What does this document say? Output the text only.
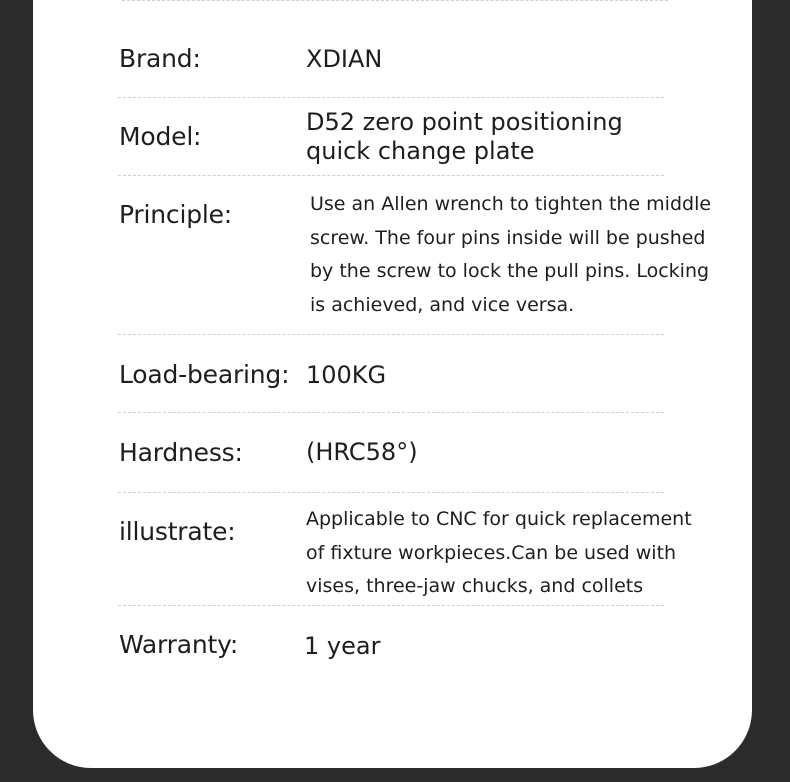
Brand:	XDIAN
Model:	D52 zero point positioning
quick change plate
Principle:	Use an Allen wrench to tighten the middle
screw. The four pins inside will be pushed
by the screw to lock the pull pins. Locking
is achieved, and vice versa.
Load-bearing: 100KG
Hardness:	(HRC58°)
illustrate:	Applicable to CNC for quick replacement
of fixture workpieces.Can be used with
vises, three-jaw chucks, and collets
Warranty:	1 year
